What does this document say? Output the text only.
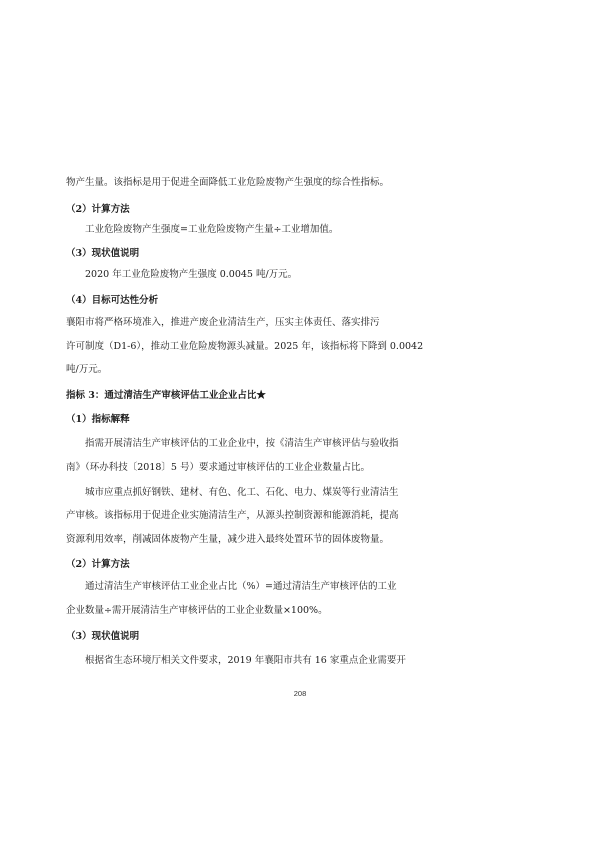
物产生量。该指标是用于促进全面降低工业危险废物产生强度的综合性指标。
（2）计算方法
工业危险废物产生强度=工业危险废物产生量÷工业增加值。
（3）现状值说明
2020 年工业危险废物产生强度 0.0045 吨/万元。
（4）目标可达性分析
襄阳市将严格环境准入，推进产废企业清洁生产，压实主体责任、落实排污
许可制度（D1-6），推动工业危险废物源头减量。2025 年，该指标将下降到 0.0042
吨/万元。
指标 3：通过清洁生产审核评估工业企业占比★
（1）指标解释
指需开展清洁生产审核评估的工业企业中，按《清洁生产审核评估与验收指
南》（环办科技〔2018〕5 号）要求通过审核评估的工业企业数量占比。
城市应重点抓好钢铁、建材、有色、化工、石化、电力、煤炭等行业清洁生
产审核。该指标用于促进企业实施清洁生产，从源头控制资源和能源消耗，提高
资源利用效率，削减固体废物产生量，减少进入最终处置环节的固体废物量。
（2）计算方法
通过清洁生产审核评估工业企业占比（%）=通过清洁生产审核评估的工业
企业数量÷需开展清洁生产审核评估的工业企业数量×100%。
（3）现状值说明
根据省生态环境厅相关文件要求，2019 年襄阳市共有 16 家重点企业需要开
208
